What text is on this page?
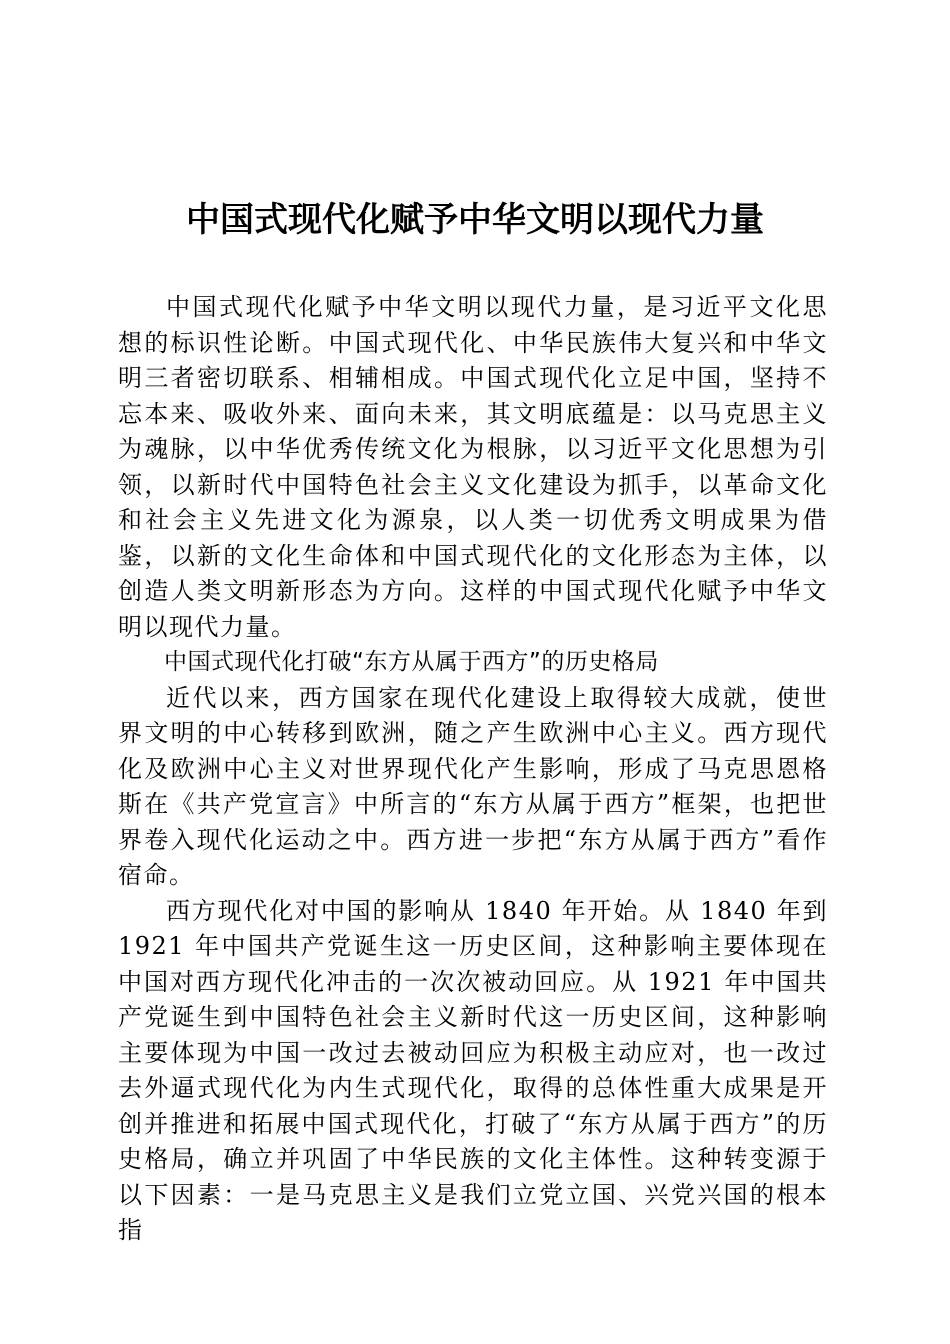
中国式现代化赋予中华文明以现代力量

中国式现代化赋予中华文明以现代力量，是习近平文化思想的标识性论断。中国式现代化、中华民族伟大复兴和中华文明三者密切联系、相辅相成。中国式现代化立足中国，坚持不忘本来、吸收外来、面向未来，其文明底蕴是：以马克思主义为魂脉，以中华优秀传统文化为根脉，以习近平文化思想为引领，以新时代中国特色社会主义文化建设为抓手，以革命文化和社会主义先进文化为源泉，以人类一切优秀文明成果为借鉴，以新的文化生命体和中国式现代化的文化形态为主体，以创造人类文明新形态为方向。这样的中国式现代化赋予中华文明以现代力量。

中国式现代化打破“东方从属于西方”的历史格局

近代以来，西方国家在现代化建设上取得较大成就，使世界文明的中心转移到欧洲，随之产生欧洲中心主义。西方现代化及欧洲中心主义对世界现代化产生影响，形成了马克思恩格斯在《共产党宣言》中所言的“东方从属于西方”框架，也把世界卷入现代化运动之中。西方进一步把“东方从属于西方”看作宿命。

西方现代化对中国的影响从 1840 年开始。从 1840 年到 1921 年中国共产党诞生这一历史区间，这种影响主要体现在中国对西方现代化冲击的一次次被动回应。从 1921 年中国共产党诞生到中国特色社会主义新时代这一历史区间，这种影响主要体现为中国一改过去被动回应为积极主动应对，也一改过去外逼式现代化为内生式现代化，取得的总体性重大成果是开创并推进和拓展中国式现代化，打破了“东方从属于西方”的历史格局，确立并巩固了中华民族的文化主体性。这种转变源于以下因素：一是马克思主义是我们立党立国、兴党兴国的根本指
